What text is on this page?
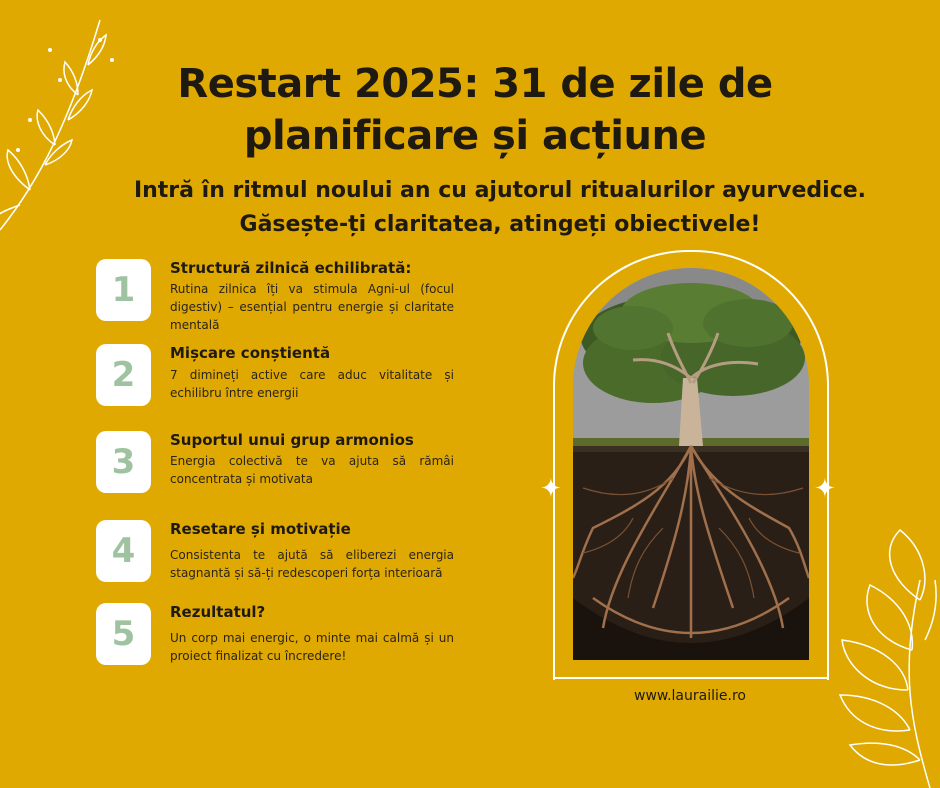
Restart 2025: 31 de zile de planificare și acțiune
Intră în ritmul noului an cu ajutorul ritualurilor ayurvedice.
Găsește-ți claritatea, atingeți obiectivele!
1
Structură zilnică echilibrată:
Rutina zilnica îți va stimula Agni-ul (focul digestiv) – esențial pentru energie și claritate mentală
2
Mișcare conștientă
7 dimineți active care aduc vitalitate și echilibru între energii
3
Suportul unui grup armonios
Energia colectivă te va ajuta să rămâi concentrata și motivata
4
Resetare și motivație
Consistenta te ajută să eliberezi energia stagnantă și să-ți redescoperi forța interioară
5
Rezultatul?
Un corp mai energic, o minte mai calmă și un proiect finalizat cu încredere!
✦	✦
www.laurailie.ro
